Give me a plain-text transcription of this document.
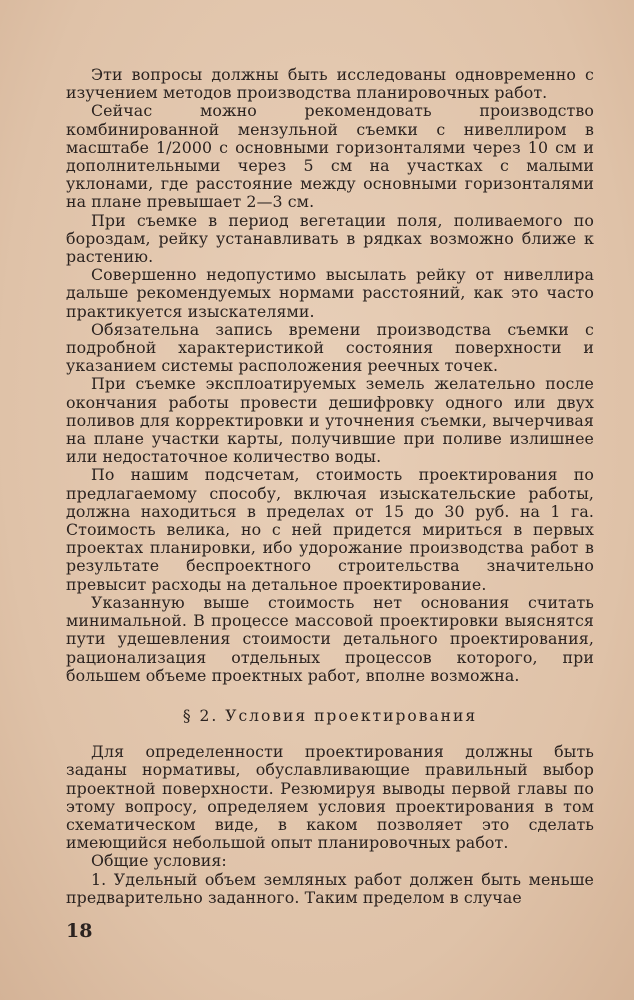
Эти вопросы должны быть исследованы одновременно с изучением методов производства планировочных работ.

Сейчас можно рекомендовать производство комбинированной мензульной съемки с нивеллиром в масштабе 1/2000 с основными горизонталями через 10 см и дополнительными через 5 см на участках с малыми уклонами, где расстояние между основными горизонталями на плане превышает 2—3 см.

При съемке в период вегетации поля, поливаемого по бороздам, рейку устанавливать в рядках возможно ближе к растению.

Совершенно недопустимо высылать рейку от нивеллира дальше рекомендуемых нормами расстояний, как это часто практикуется изыскателями.

Обязательна запись времени производства съемки с подробной характеристикой состояния поверхности и указанием системы расположения реечных точек.

При съемке эксплоатируемых земель желательно после окончания работы провести дешифровку одного или двух поливов для корректировки и уточнения съемки, вычерчивая на плане участки карты, получившие при поливе излишнее или недостаточное количество воды.

По нашим подсчетам, стоимость проектирования по предлагаемому способу, включая изыскательские работы, должна находиться в пределах от 15 до 30 руб. на 1 га. Стоимость велика, но с ней придется мириться в первых проектах планировки, ибо удорожание производства работ в результате беспроектного строительства значительно превысит расходы на детальное проектирование.

Указанную выше стоимость нет основания считать минимальной. В процессе массовой проектировки выяснятся пути удешевления стоимости детального проектирования, рационализация отдельных процессов которого, при большем объеме проектных работ, вполне возможна.

§ 2. Условия проектирования

Для определенности проектирования должны быть заданы нормативы, обуславливающие правильный выбор проектной поверхности. Резюмируя выводы первой главы по этому вопросу, определяем условия проектирования в том схематическом виде, в каком позволяет это сделать имеющийся небольшой опыт планировочных работ.

Общие условия:

1. Удельный объем земляных работ должен быть меньше предварительно заданного. Таким пределом в случае

18
